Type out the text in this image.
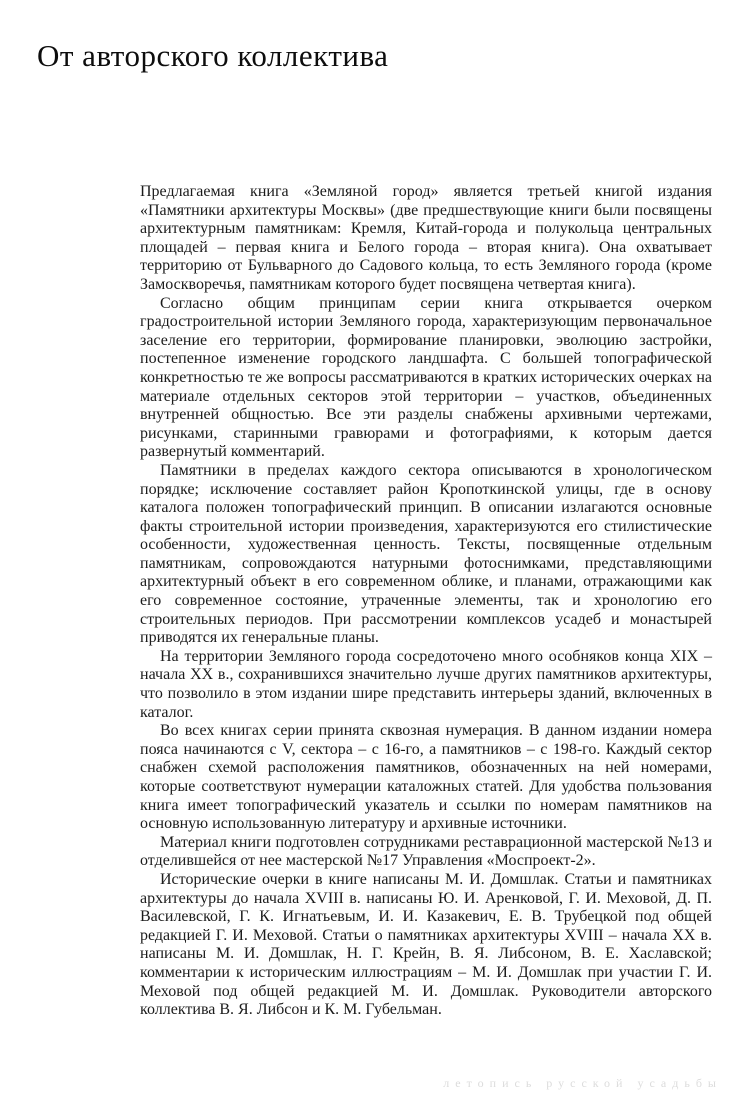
От авторского коллектива

Предлагаемая книга «Земляной город» является третьей книгой издания «Памятники архитектуры Москвы» (две предшествующие книги были посвящены архитектурным памятникам: Кремля, Китай-города и полукольца центральных площадей – первая книга и Белого города – вторая книга). Она охватывает территорию от Бульварного до Садового кольца, то есть Земляного города (кроме Замоскворечья, памятникам которого будет посвящена четвертая книга).

Согласно общим принципам серии книга открывается очерком градостроительной истории Земляного города, характеризующим первоначальное заселение его территории, формирование планировки, эволюцию застройки, постепенное изменение городского ландшафта. С большей топографической конкретностью те же вопросы рассматриваются в кратких исторических очерках на материале отдельных секторов этой территории – участков, объединенных внутренней общностью. Все эти разделы снабжены архивными чертежами, рисунками, старинными гравюрами и фотографиями, к которым дается развернутый комментарий.

Памятники в пределах каждого сектора описываются в хронологическом порядке; исключение составляет район Кропоткинской улицы, где в основу каталога положен топографический принцип. В описании излагаются основные факты строительной истории произведения, характеризуются его стилистические особенности, художественная ценность. Тексты, посвященные отдельным памятникам, сопровождаются натурными фотоснимками, представляющими архитектурный объект в его современном облике, и планами, отражающими как его современное состояние, утраченные элементы, так и хронологию его строительных периодов. При рассмотрении комплексов усадеб и монастырей приводятся их генеральные планы.

На территории Земляного города сосредоточено много особняков конца XIX – начала XX в., сохранившихся значительно лучше других памятников архитектуры, что позволило в этом издании шире представить интерьеры зданий, включенных в каталог.

Во всех книгах серии принята сквозная нумерация. В данном издании номера пояса начинаются с V, сектора – с 16-го, а памятников – с 198-го. Каждый сектор снабжен схемой расположения памятников, обозначенных на ней номерами, которые соответствуют нумерации каталожных статей. Для удобства пользования книга имеет топографический указатель и ссылки по номерам памятников на основную использованную литературу и архивные источники.

Материал книги подготовлен сотрудниками реставрационной мастерской №13 и отделившейся от нее мастерской №17 Управления «Моспроект-2».

Исторические очерки в книге написаны М. И. Домшлак. Статьи и памятниках архитектуры до начала XVIII в. написаны Ю. И. Аренковой, Г. И. Меховой, Д. П. Василевской, Г. К. Игнатьевым, И. И. Казакевич, Е. В. Трубецкой под общей редакцией Г. И. Меховой. Статьи о памятниках архитектуры XVIII – начала XX в. написаны М. И. Домшлак, Н. Г. Крейн, В. Я. Либсоном, В. Е. Хаславской; комментарии к историческим иллюстрациям – М. И. Домшлак при участии Г. И. Меховой под общей редакцией М. И. Домшлак. Руководители авторского коллектива В. Я. Либсон и К. М. Губельман.

летопись русской усадьбы
